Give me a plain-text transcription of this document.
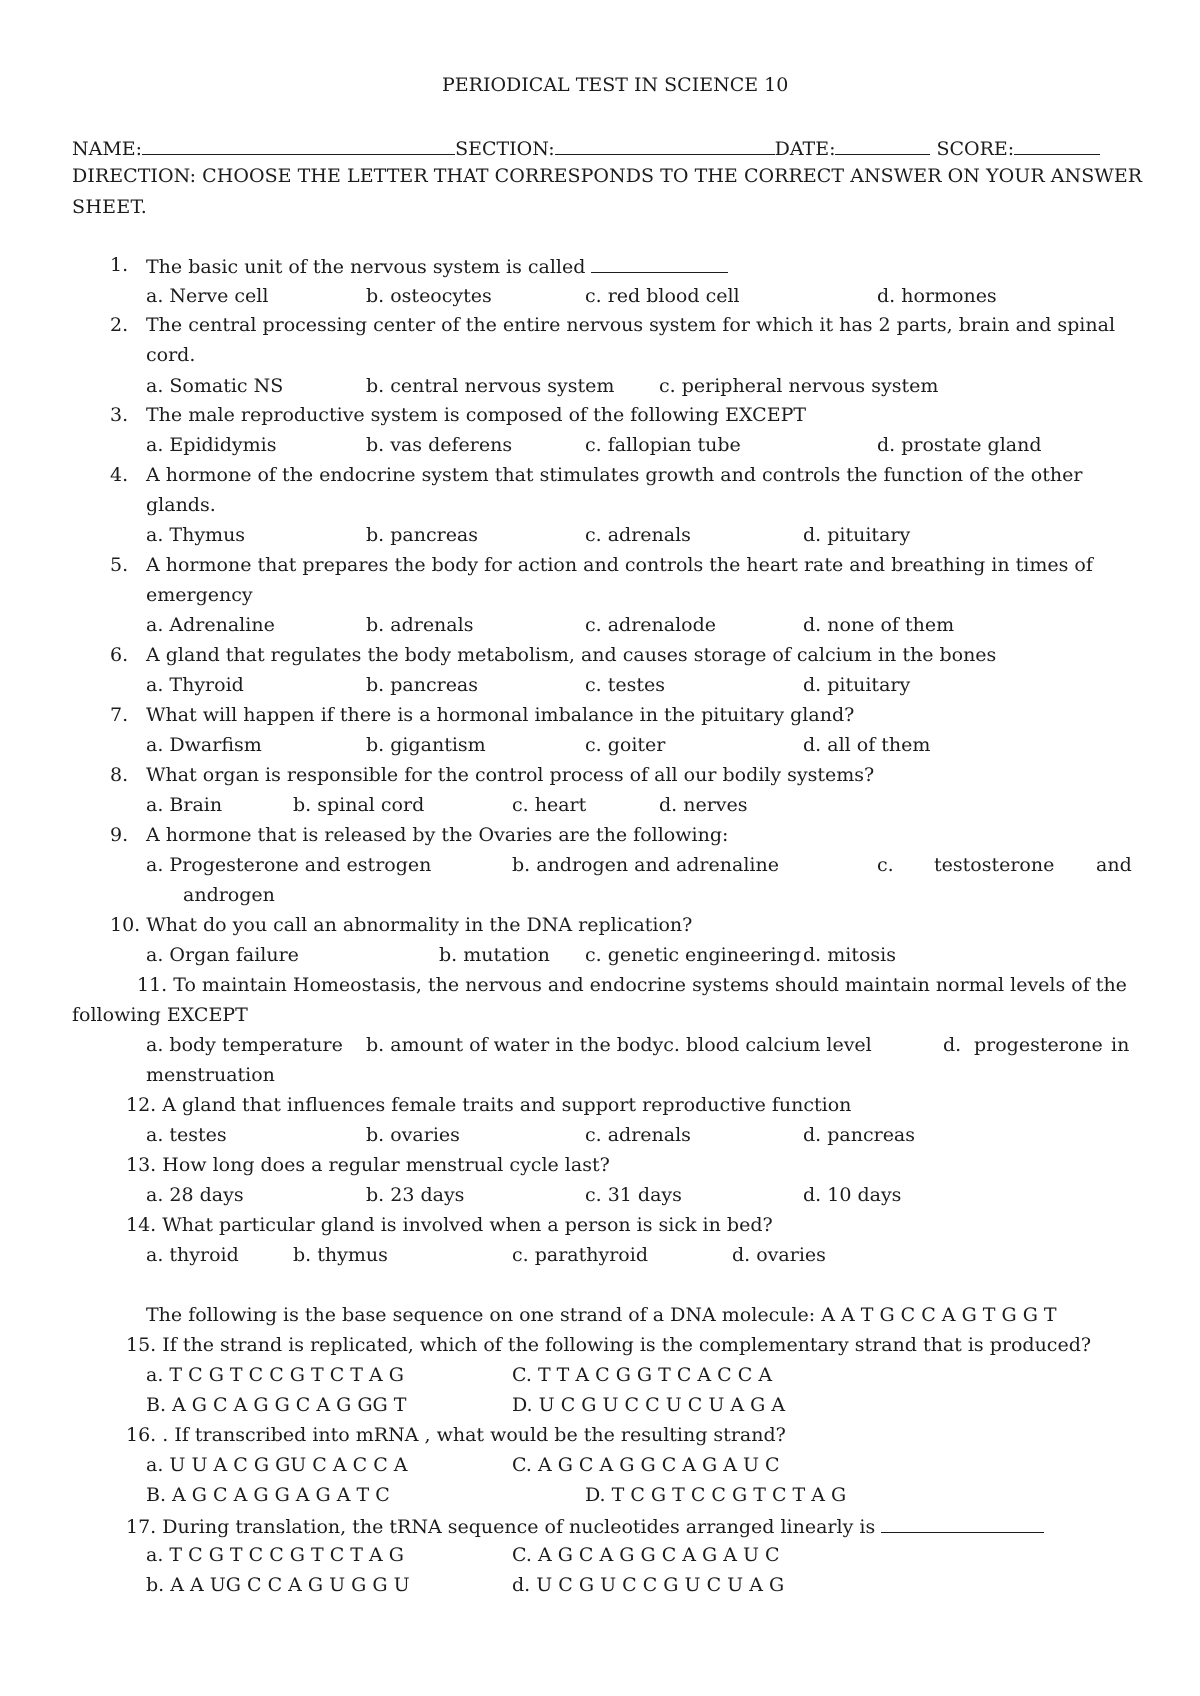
PERIODICAL TEST IN SCIENCE 10
NAME:	SECTION:	DATE:	SCORE:
DIRECTION: CHOOSE THE LETTER THAT CORRESPONDS TO THE CORRECT ANSWER ON YOUR ANSWER
SHEET.
1. The basic unit of the nervous system is called
a. Nerve cell	b. osteocytes	c. red blood cell	d. hormones
2. The central processing center of the entire nervous system for which it has 2 parts, brain and spinal
cord.
a. Somatic NS	b. central nervous system c. peripheral nervous system
3. The male reproductive system is composed of the following EXCEPT
a. Epididymis	b. vas deferens	c. fallopian tube	d. prostate gland
4. A hormone of the endocrine system that stimulates growth and controls the function of the other
glands.
a. Thymus	b. pancreas	c. adrenals	d. pituitary
5. A hormone that prepares the body for action and controls the heart rate and breathing in times of
emergency
a. Adrenaline	b. adrenals	c. adrenalode	d. none of them
6. A gland that regulates the body metabolism, and causes storage of calcium in the bones
a. Thyroid	b. pancreas	c. testes	d. pituitary
7. What will happen if there is a hormonal imbalance in the pituitary gland?
a. Dwarfism	b. gigantism	c. goiter	d. all of them
8. What organ is responsible for the control process of all our bodily systems?
a. Brain	b. spinal cord	c. heart	d. nerves
9. A hormone that is released by the Ovaries are the following:
a. Progesterone and estrogen	b. androgen and adrenaline	c. testosterone and
androgen
10. What do you call an abnormality in the DNA replication?
a. Organ failure	b. mutation c. genetic engineering d. mitosis
11. To maintain Homeostasis, the nervous and endocrine systems should maintain normal levels of the
following EXCEPT
a. body temperature b. amount of water in the bodyc. blood calcium level	d. progesterone in
menstruation
12. A gland that influences female traits and support reproductive function
a. testes	b. ovaries	c. adrenals	d. pancreas
13. How long does a regular menstrual cycle last?
a. 28 days	b. 23 days	c. 31 days	d. 10 days
14. What particular gland is involved when a person is sick in bed?
a. thyroid	b. thymus	c. parathyroid	d. ovaries
The following is the base sequence on one strand of a DNA molecule: A A T G C C A G T G G T
15. If the strand is replicated, which of the following is the complementary strand that is produced?
a. T C G T C C G T C T A G	C. T T A C G G T C A C C A
B. A G C A G G C A G GG T	D. U C G U C C U C U A G A
16. . If transcribed into mRNA , what would be the resulting strand?
a. U U A C G GU C A C C A	C. A G C A G G C A G A U C
B. A G C A G G A G A T C	D. T C G T C C G T C T A G
17. During translation, the tRNA sequence of nucleotides arranged linearly is
a. T C G T C C G T C T A G	C. A G C A G G C A G A U C
b. A A UG C C A G U G G U	d. U C G U C C G U C U A G
